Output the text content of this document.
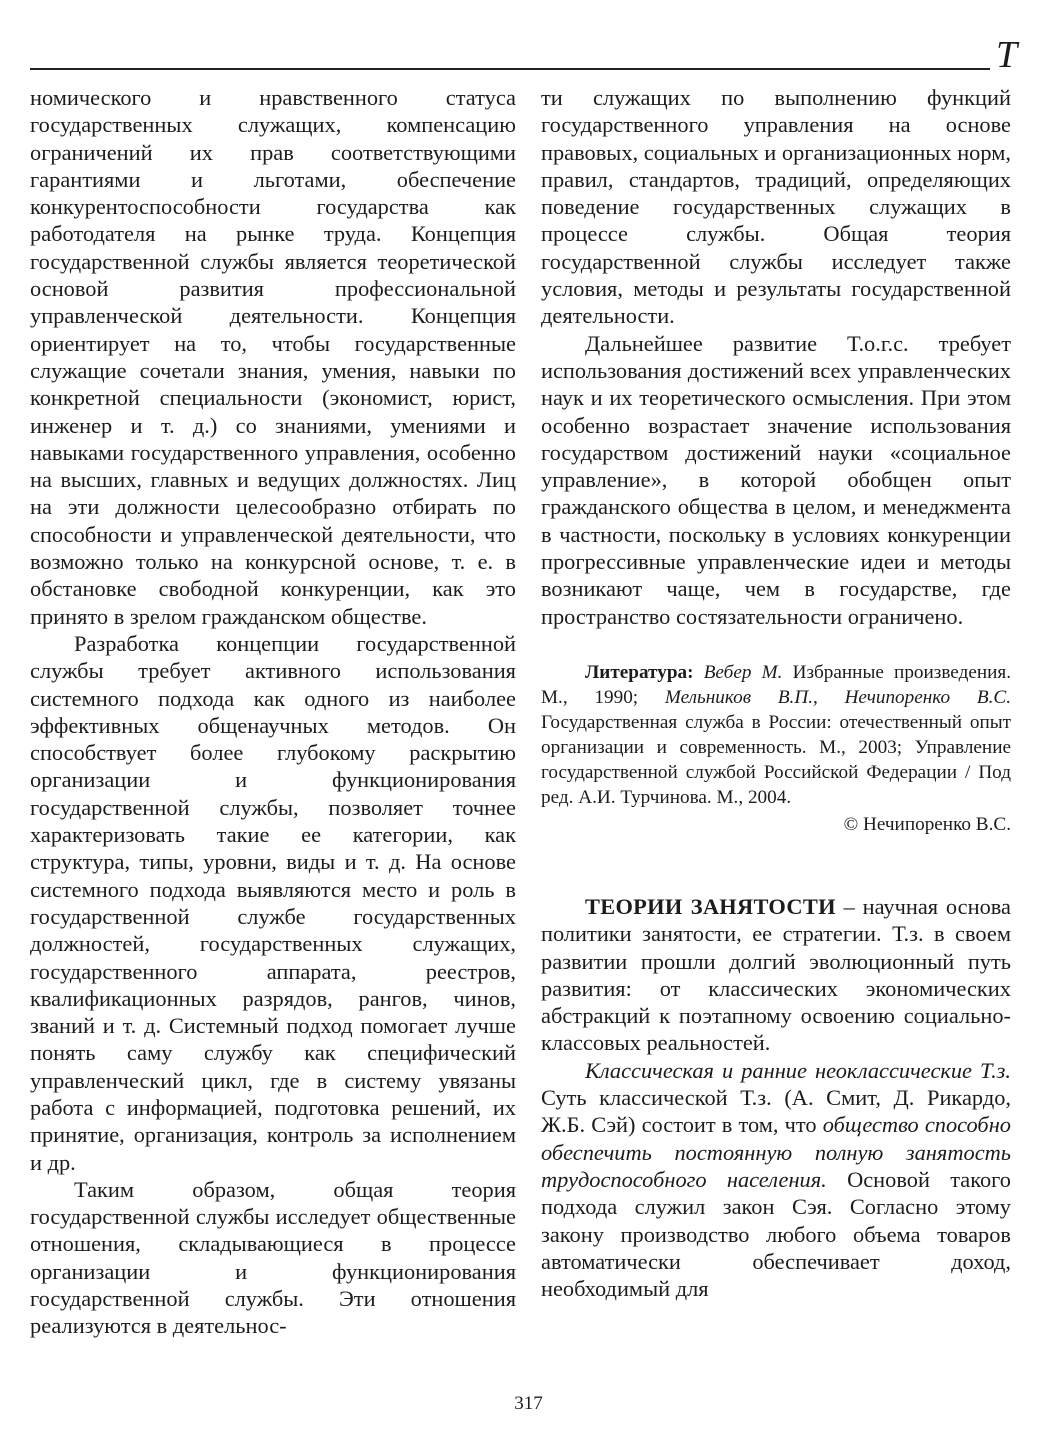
Т

номического и нравственного статуса государственных служащих, компенсацию ограничений их прав соответствующими гарантиями и льготами, обеспечение конкурентоспособности государства как работодателя на рынке труда. Концепция государственной службы является теоретической основой развития профессиональной управленческой деятельности. Концепция ориентирует на то, чтобы государственные служащие сочетали знания, умения, навыки по конкретной специальности (экономист, юрист, инженер и т. д.) со знаниями, умениями и навыками государственного управления, особенно на высших, главных и ведущих должностях. Лиц на эти должности целесообразно отбирать по способности и управленческой деятельности, что возможно только на конкурсной основе, т. е. в обстановке свободной конкуренции, как это принято в зрелом гражданском обществе.

Разработка концепции государственной службы требует активного использования системного подхода как одного из наиболее эффективных общенаучных методов. Он способствует более глубокому раскрытию организации и функционирования государственной службы, позволяет точнее характеризовать такие ее категории, как структура, типы, уровни, виды и т. д. На основе системного подхода выявляются место и роль в государственной службе государственных должностей, государственных служащих, государственного аппарата, реестров, квалификационных разрядов, рангов, чинов, званий и т. д. Системный подход помогает лучше понять саму службу как специфический управленческий цикл, где в систему увязаны работа с информацией, подготовка решений, их принятие, организация, контроль за исполнением и др.

Таким образом, общая теория государственной службы исследует общественные отношения, складывающиеся в процессе организации и функционирования государственной службы. Эти отношения реализуются в деятельнос-

ти служащих по выполнению функций государственного управления на основе правовых, социальных и организационных норм, правил, стандартов, традиций, определяющих поведение государственных служащих в процессе службы. Общая теория государственной службы исследует также условия, методы и результаты государственной деятельности.

Дальнейшее развитие Т.о.г.с. требует использования достижений всех управленческих наук и их теоретического осмысления. При этом особенно возрастает значение использования государством достижений науки «социальное управление», в которой обобщен опыт гражданского общества в целом, и менеджмента в частности, поскольку в условиях конкуренции прогрессивные управленческие идеи и методы возникают чаще, чем в государстве, где пространство состязательности ограничено.

Литература: Вебер М. Избранные произведения. М., 1990; Мельников В.П., Нечипоренко В.С. Государственная служба в России: отечественный опыт организации и современность. М., 2003; Управление государственной службой Российской Федерации / Под ред. А.И. Турчинова. М., 2004.

© Нечипоренко В.С.

ТЕОРИИ ЗАНЯТОСТИ – научная основа политики занятости, ее стратегии. Т.з. в своем развитии прошли долгий эволюционный путь развития: от классических экономических абстракций к поэтапному освоению социально-классовых реальностей.

Классическая и ранние неоклассические Т.з. Суть классической Т.з. (А. Смит, Д. Рикардо, Ж.Б. Сэй) состоит в том, что общество способно обеспечить постоянную полную занятость трудоспособного населения. Основой такого подхода служил закон Сэя. Согласно этому закону производство любого объема товаров автоматически обеспечивает доход, необходимый для

317
